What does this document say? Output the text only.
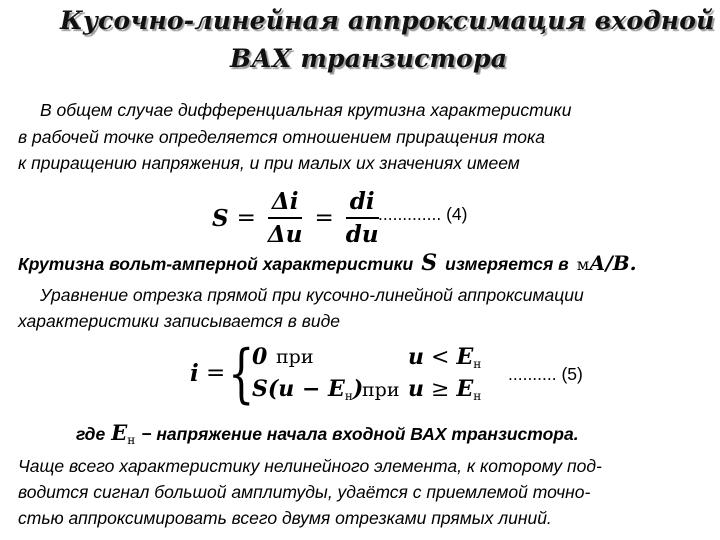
Кусочно-линейная аппроксимация входной
ВАХ транзистора
В общем случае дифференциальная крутизна характеристики
в рабочей точке определяется отношением приращения тока
к приращению напряжения, и при малых их значениях имеем
$S = \frac{\Delta i}{\Delta u} = \frac{di}{du}$
............. (4)
Крутизна вольт-амперной характеристики S измеряется в мА/В.
Уравнение отрезка прямой при кусочно-линейной аппроксимации
характеристики записывается в виде
i = {
0 при	$u < E_н$
$S(u - E_н)$
при $u \ge E_н$
.......... (5)
где $E_н$ − напряжение начала входной ВАХ транзистора.
Чаще всего характеристику нелинейного элемента, к которому под-
водится сигнал большой амплитуды, удаётся с приемлемой точно-
стью аппроксимировать всего двумя отрезками прямых линий.
